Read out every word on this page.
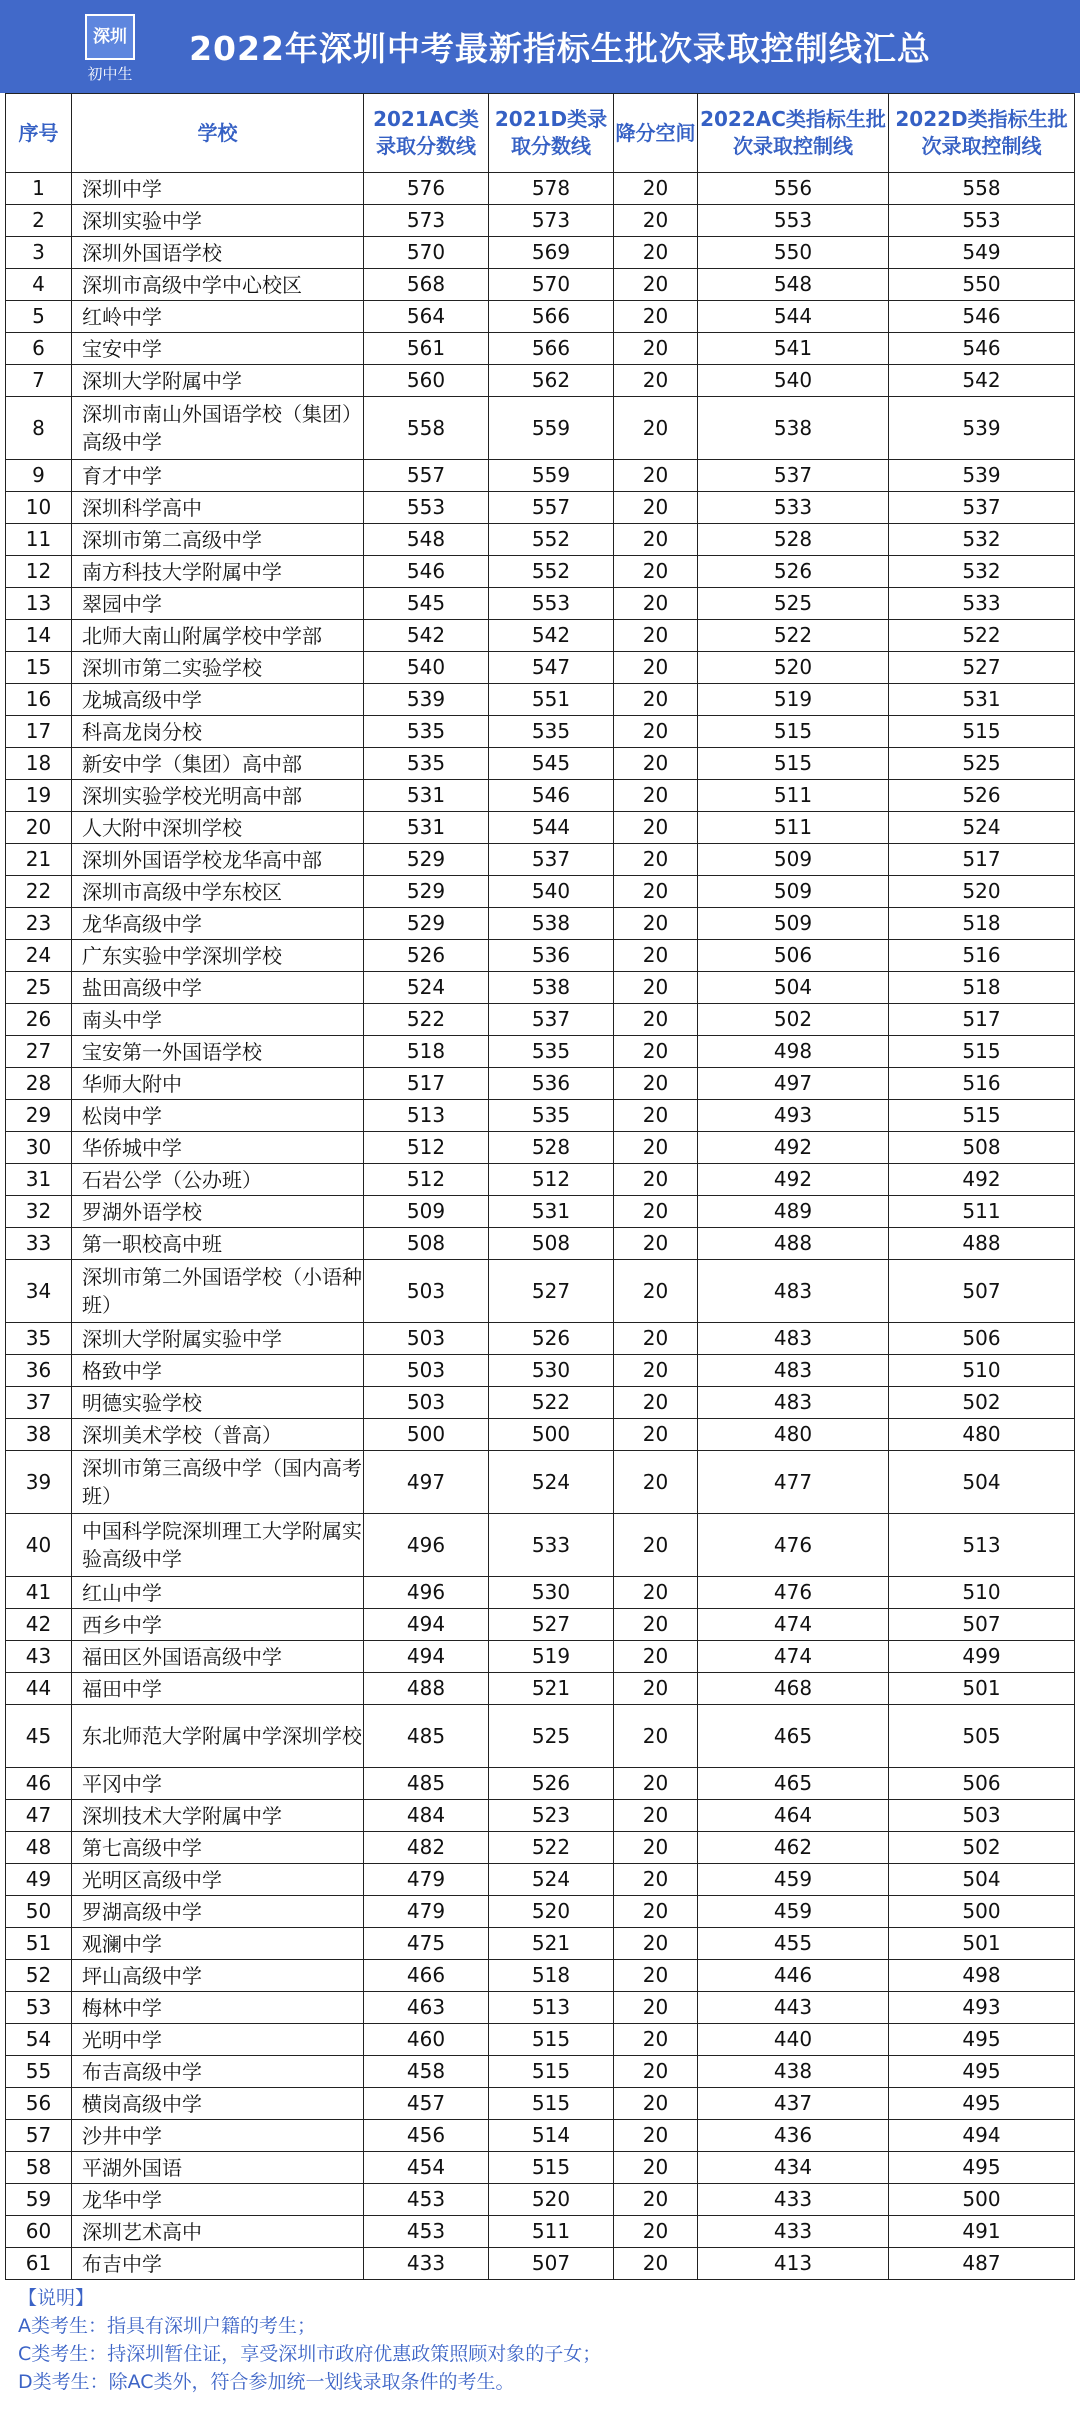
深圳
初中生
2022年深圳中考最新指标生批次录取控制线汇总
序号	学校	2021AC类录取分数线	2021D类录取分数线	降分空间	2022AC类指标生批次录取控制线	2022D类指标生批次录取控制线
1	深圳中学	576	578	20	556	558
2	深圳实验中学	573	573	20	553	553
3	深圳外国语学校	570	569	20	550	549
4	深圳市高级中学中心校区	568	570	20	548	550
5	红岭中学	564	566	20	544	546
6	宝安中学	561	566	20	541	546
7	深圳大学附属中学	560	562	20	540	542
8	深圳市南山外国语学校（集团）高级中学	558	559	20	538	539
9	育才中学	557	559	20	537	539
10	深圳科学高中	553	557	20	533	537
11	深圳市第二高级中学	548	552	20	528	532
12	南方科技大学附属中学	546	552	20	526	532
13	翠园中学	545	553	20	525	533
14	北师大南山附属学校中学部	542	542	20	522	522
15	深圳市第二实验学校	540	547	20	520	527
16	龙城高级中学	539	551	20	519	531
17	科高龙岗分校	535	535	20	515	515
18	新安中学（集团）高中部	535	545	20	515	525
19	深圳实验学校光明高中部	531	546	20	511	526
20	人大附中深圳学校	531	544	20	511	524
21	深圳外国语学校龙华高中部	529	537	20	509	517
22	深圳市高级中学东校区	529	540	20	509	520
23	龙华高级中学	529	538	20	509	518
24	广东实验中学深圳学校	526	536	20	506	516
25	盐田高级中学	524	538	20	504	518
26	南头中学	522	537	20	502	517
27	宝安第一外国语学校	518	535	20	498	515
28	华师大附中	517	536	20	497	516
29	松岗中学	513	535	20	493	515
30	华侨城中学	512	528	20	492	508
31	石岩公学（公办班）	512	512	20	492	492
32	罗湖外语学校	509	531	20	489	511
33	第一职校高中班	508	508	20	488	488
34	深圳市第二外国语学校（小语种班）	503	527	20	483	507
35	深圳大学附属实验中学	503	526	20	483	506
36	格致中学	503	530	20	483	510
37	明德实验学校	503	522	20	483	502
38	深圳美术学校（普高）	500	500	20	480	480
39	深圳市第三高级中学（国内高考班）	497	524	20	477	504
40	中国科学院深圳理工大学附属实验高级中学	496	533	20	476	513
41	红山中学	496	530	20	476	510
42	西乡中学	494	527	20	474	507
43	福田区外国语高级中学	494	519	20	474	499
44	福田中学	488	521	20	468	501
45	东北师范大学附属中学深圳学校	485	525	20	465	505
46	平冈中学	485	526	20	465	506
47	深圳技术大学附属中学	484	523	20	464	503
48	第七高级中学	482	522	20	462	502
49	光明区高级中学	479	524	20	459	504
50	罗湖高级中学	479	520	20	459	500
51	观澜中学	475	521	20	455	501
52	坪山高级中学	466	518	20	446	498
53	梅林中学	463	513	20	443	493
54	光明中学	460	515	20	440	495
55	布吉高级中学	458	515	20	438	495
56	横岗高级中学	457	515	20	437	495
57	沙井中学	456	514	20	436	494
58	平湖外国语	454	515	20	434	495
59	龙华中学	453	520	20	433	500
60	深圳艺术高中	453	511	20	433	491
61	布吉中学	433	507	20	413	487
【说明】
A类考生：指具有深圳户籍的考生；
C类考生：持深圳暂住证，享受深圳市政府优惠政策照顾对象的子女；
D类考生：除AC类外，符合参加统一划线录取条件的考生。
